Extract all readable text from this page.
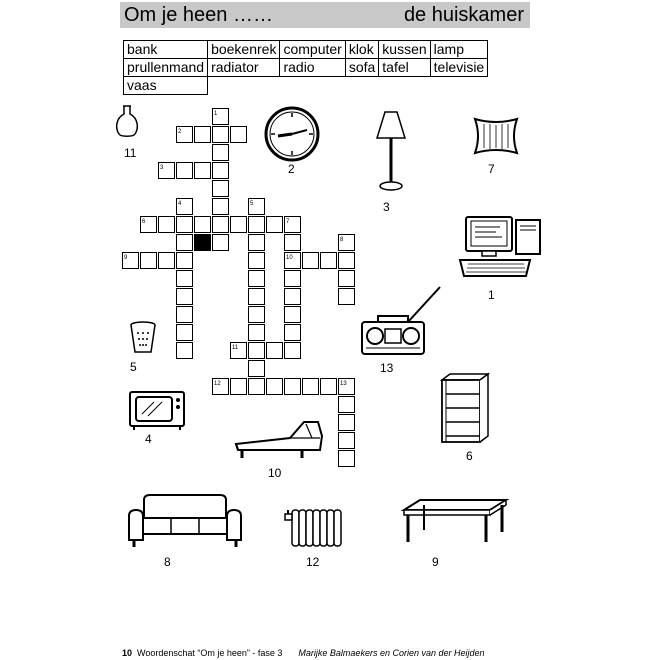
Om je heen ……	de huiskamer
bank	boekenrek	computer	klok	kussen	lamp
prullenmand	radiator	radio	sofa	tafel	televisie
vaas					
1
2
3
4	5
6	7
8
9	10
11
12	13
11
2
3
7
1
13
5
4
6
10
8	12	9
10 Woordenschat “Om je heen” - fase 3 Marijke Balmaekers en Corien van der Heijden
